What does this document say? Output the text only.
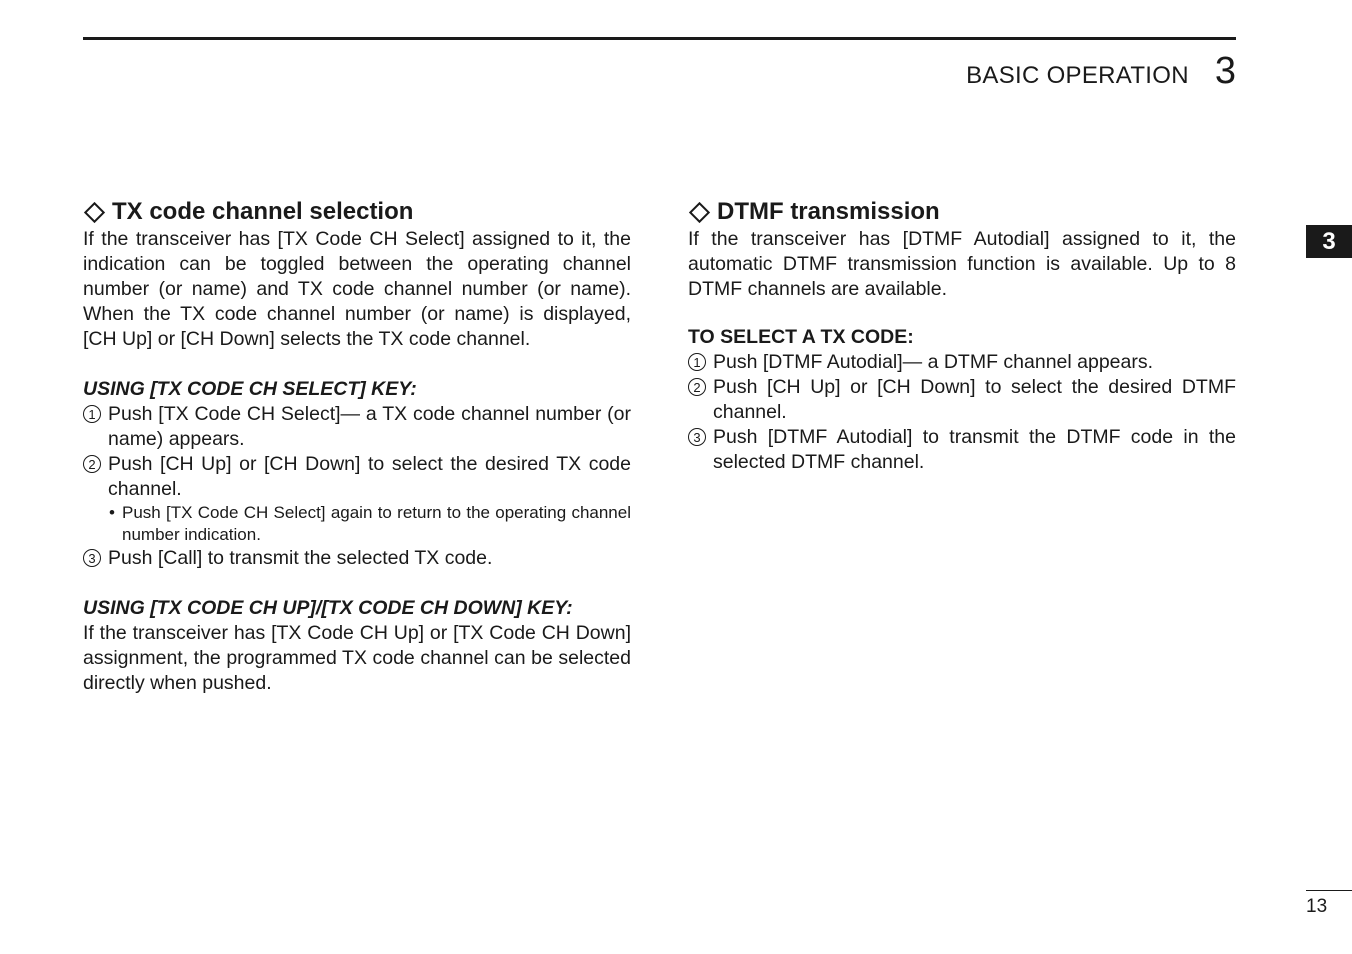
BASIC OPERATION 3
3
TX code channel selection

If the transceiver has [TX Code CH Select] assigned to it, the indication can be toggled between the operating channel number (or name) and TX code channel number (or name). When the TX code channel number (or name) is displayed, [CH Up] or [CH Down] selects the TX code channel.

USING [TX CODE CH SELECT] KEY:
1 Push [TX Code CH Select]— a TX code channel number (or name) appears.
2 Push [CH Up] or [CH Down] to select the desired TX code channel.
• Push [TX Code CH Select] again to return to the operating channel number indication.
3 Push [Call] to transmit the selected TX code.
USING [TX CODE CH UP]/[TX CODE CH DOWN] KEY:

If the transceiver has [TX Code CH Up] or [TX Code CH Down] assignment, the programmed TX code channel can be selected directly when pushed.

DTMF transmission

If the transceiver has [DTMF Autodial] assigned to it, the automatic DTMF transmission function is available. Up to 8 DTMF channels are available.

TO SELECT A TX CODE:
1 Push [DTMF Autodial]— a DTMF channel appears.
2 Push [CH Up] or [CH Down] to select the desired DTMF channel.
3 Push [DTMF Autodial] to transmit the DTMF code in the selected DTMF channel.
13
